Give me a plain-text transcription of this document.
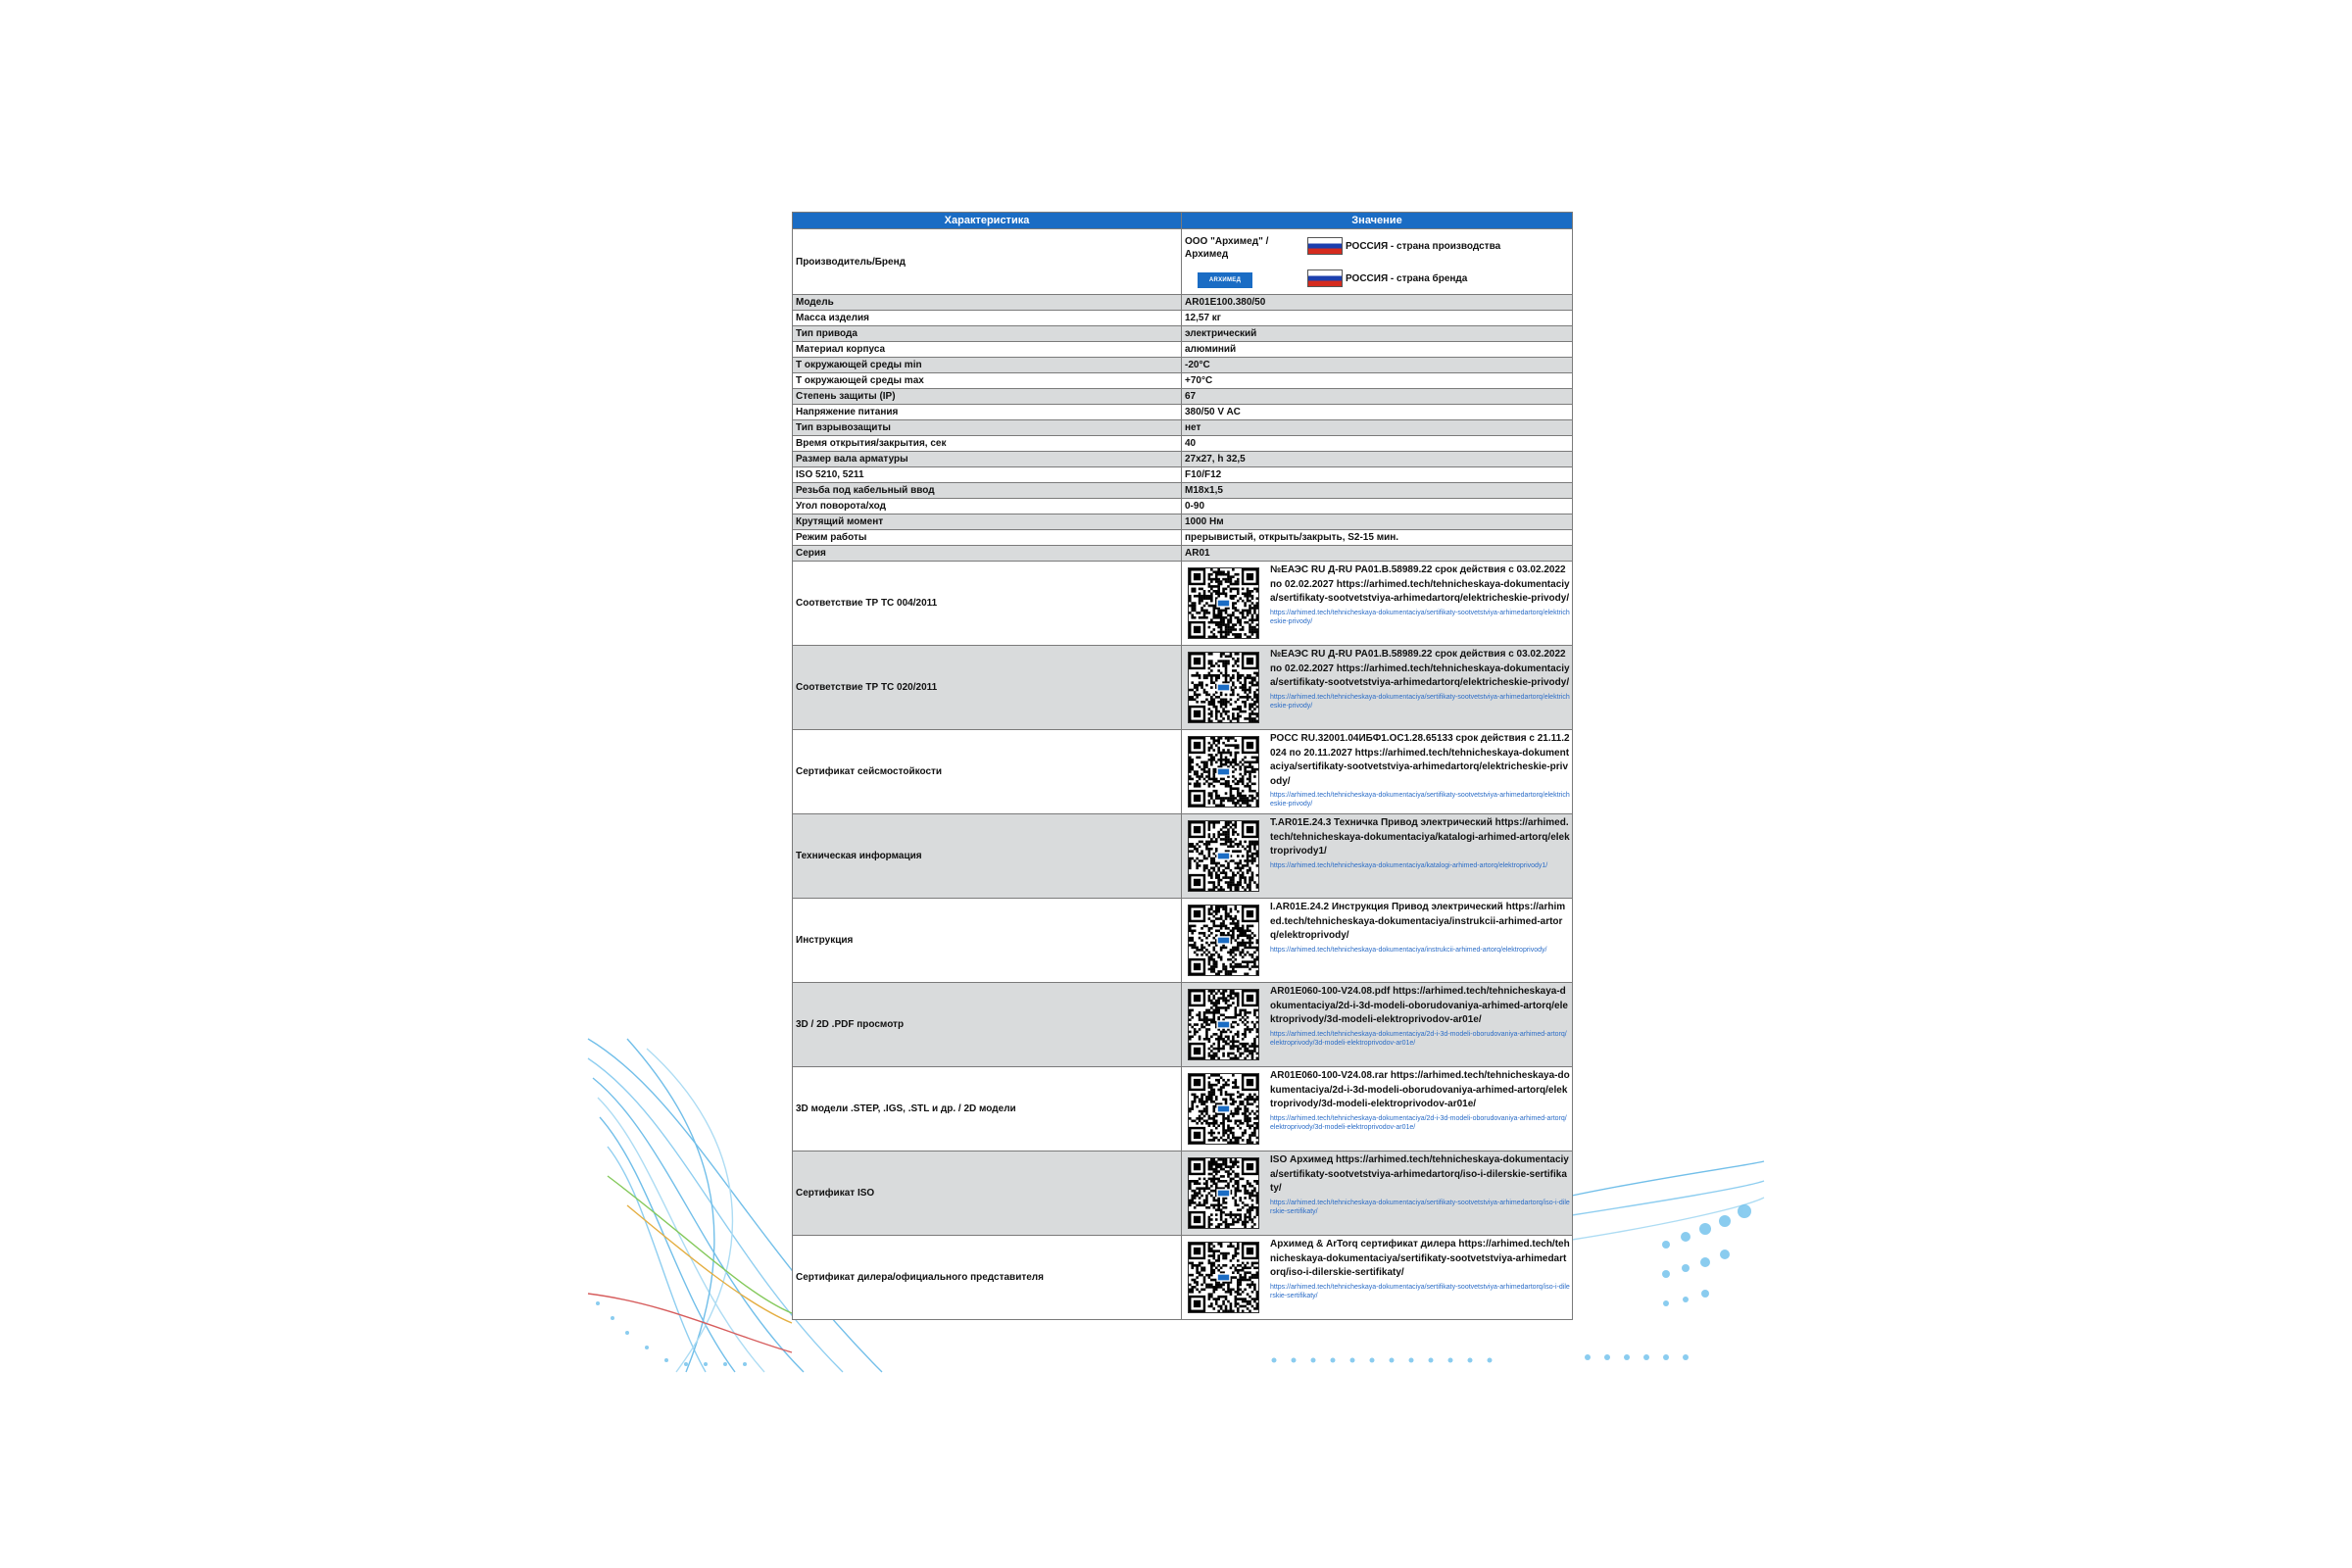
Характеристика	Значение
Производитель/Бренд	ООО "Архимед" / Архимед
ARXИМЕД
РОССИЯ - страна производства
РОССИЯ - страна бренда

Модель	AR01E100.380/50
Масса изделия	12,57 кг
Тип привода	электрический
Материал корпуса	алюминий
Т окружающей среды min	-20°С
Т окружающей среды max	+70°С
Степень защиты (IP)	67
Напряжение питания	380/50 V AC
Тип взрывозащиты	нет
Время открытия/закрытия, сек	40
Размер вала арматуры	27х27, h 32,5
ISO 5210, 5211	F10/F12
Резьба под кабельный ввод	M18x1,5
Угол поворота/ход	0-90
Крутящий момент	1000 Нм
Режим работы	прерывистый, открыть/закрыть, S2-15 мин.
Серия	AR01
Соответствие ТР ТС 004/2011	№ЕАЭС RU Д-RU РА01.В.58989.22 срок действия с 03.02.2022 по 02.02.2027 https://arhimed.tech/tehnicheskaya-dokumentaciya/sertifikaty-sootvetstviya-arhimedartorq/elektricheskie-privody/
https://arhimed.tech/tehnicheskaya-dokumentaciya/sertifikaty-sootvetstviya-arhimedartorq/elektricheskie-privody/

Соответствие ТР ТС 020/2011	№ЕАЭС RU Д-RU РА01.В.58989.22 срок действия с 03.02.2022 по 02.02.2027 https://arhimed.tech/tehnicheskaya-dokumentaciya/sertifikaty-sootvetstviya-arhimedartorq/elektricheskie-privody/
https://arhimed.tech/tehnicheskaya-dokumentaciya/sertifikaty-sootvetstviya-arhimedartorq/elektricheskie-privody/

Сертификат сейсмостойкости	РОСС RU.32001.04ИБФ1.ОС1.28.65133 срок действия с 21.11.2024 по 20.11.2027 https://arhimed.tech/tehnicheskaya-dokumentaciya/sertifikaty-sootvetstviya-arhimedartorq/elektricheskie-privody/
https://arhimed.tech/tehnicheskaya-dokumentaciya/sertifikaty-sootvetstviya-arhimedartorq/elektricheskie-privody/

Техническая информация	T.AR01E.24.3 Техничка Привод электрический https://arhimed.tech/tehnicheskaya-dokumentaciya/katalogi-arhimed-artorq/elektroprivody1/
https://arhimed.tech/tehnicheskaya-dokumentaciya/katalogi-arhimed-artorq/elektroprivody1/

Инструкция	I.AR01E.24.2 Инструкция Привод электрический https://arhimed.tech/tehnicheskaya-dokumentaciya/instrukcii-arhimed-artorq/elektroprivody/
https://arhimed.tech/tehnicheskaya-dokumentaciya/instrukcii-arhimed-artorq/elektroprivody/

3D / 2D .PDF просмотр	AR01E060-100-V24.08.pdf https://arhimed.tech/tehnicheskaya-dokumentaciya/2d-i-3d-modeli-oborudovaniya-arhimed-artorq/elektroprivody/3d-modeli-elektroprivodov-ar01e/
https://arhimed.tech/tehnicheskaya-dokumentaciya/2d-i-3d-modeli-oborudovaniya-arhimed-artorq/elektroprivody/3d-modeli-elektroprivodov-ar01e/

3D модели .STEP, .IGS, .STL и др. / 2D модели	AR01E060-100-V24.08.rar https://arhimed.tech/tehnicheskaya-dokumentaciya/2d-i-3d-modeli-oborudovaniya-arhimed-artorq/elektroprivody/3d-modeli-elektroprivodov-ar01e/
https://arhimed.tech/tehnicheskaya-dokumentaciya/2d-i-3d-modeli-oborudovaniya-arhimed-artorq/elektroprivody/3d-modeli-elektroprivodov-ar01e/

Сертификат ISO	ISO Архимед https://arhimed.tech/tehnicheskaya-dokumentaciya/sertifikaty-sootvetstviya-arhimedartorq/iso-i-dilerskie-sertifikaty/
https://arhimed.tech/tehnicheskaya-dokumentaciya/sertifikaty-sootvetstviya-arhimedartorq/iso-i-dilerskie-sertifikaty/

Сертификат дилера/официального представителя	Архимед & ArTorq сертификат дилера https://arhimed.tech/tehnicheskaya-dokumentaciya/sertifikaty-sootvetstviya-arhimedartorq/iso-i-dilerskie-sertifikaty/
https://arhimed.tech/tehnicheskaya-dokumentaciya/sertifikaty-sootvetstviya-arhimedartorq/iso-i-dilerskie-sertifikaty/
